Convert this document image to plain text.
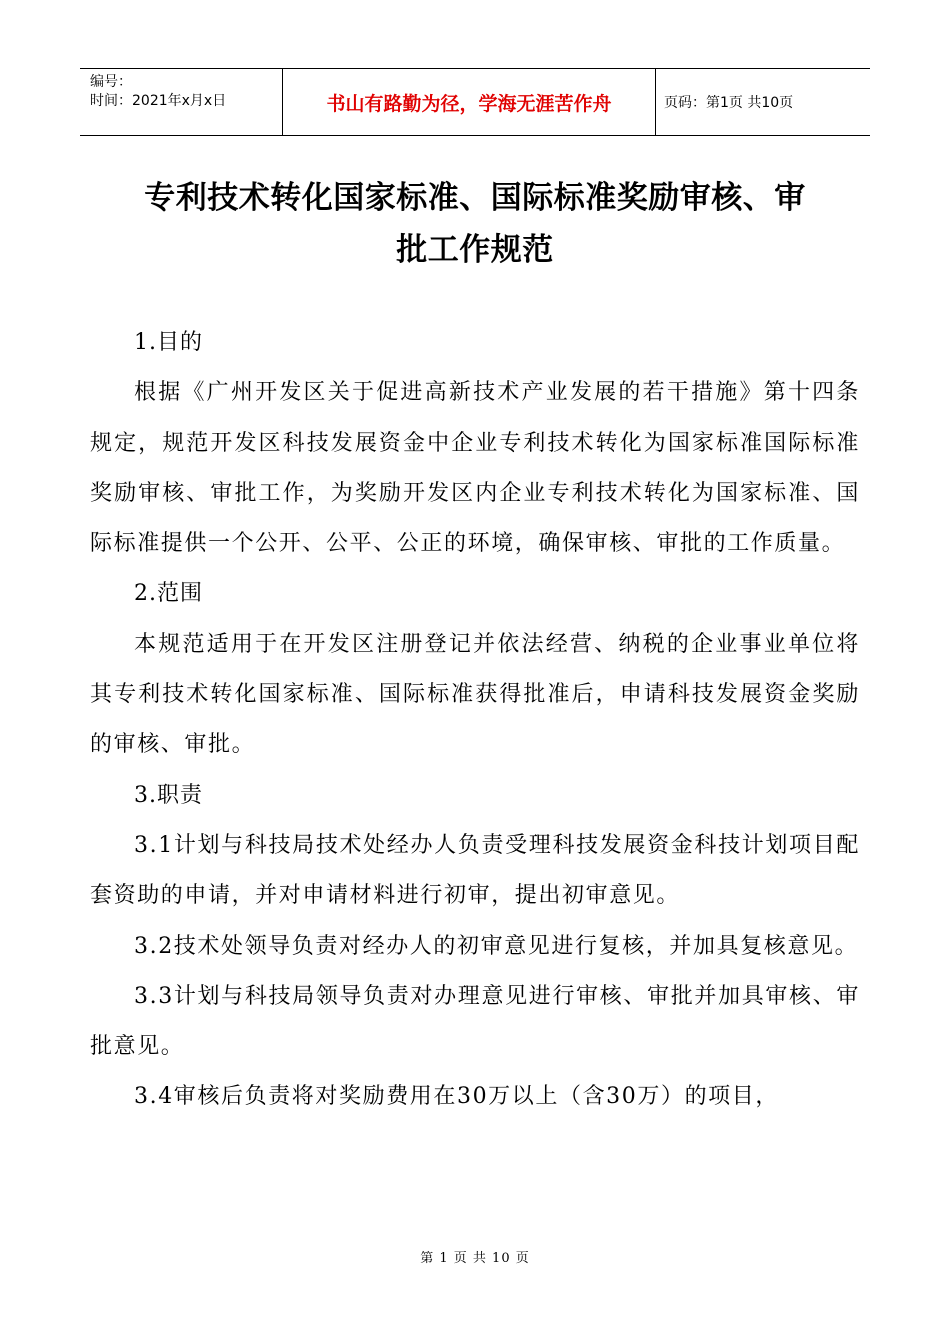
编号：
时间：2021年x月x日	书山有路勤为径，学海无涯苦作舟	页码：第1页 共10页
专利技术转化国家标准、国际标准奖励审核、审
批工作规范

1.目的

根据《广州开发区关于促进高新技术产业发展的若干措施》第十四条规定，规范开发区科技发展资金中企业专利技术转化为国家标准国际标准奖励审核、审批工作，为奖励开发区内企业专利技术转化为国家标准、国际标准提供一个公开、公平、公正的环境，确保审核、审批的工作质量。

2.范围

本规范适用于在开发区注册登记并依法经营、纳税的企业事业单位将其专利技术转化国家标准、国际标准获得批准后，申请科技发展资金奖励的审核、审批。

3.职责

3.1计划与科技局技术处经办人负责受理科技发展资金科技计划项目配套资助的申请，并对申请材料进行初审，提出初审意见。

3.2技术处领导负责对经办人的初审意见进行复核，并加具复核意见。

3.3计划与科技局领导负责对办理意见进行审核、审批并加具审核、审批意见。

3.4审核后负责将对奖励费用在30万以上（含30万）的项目，

第 1 页 共 10 页
